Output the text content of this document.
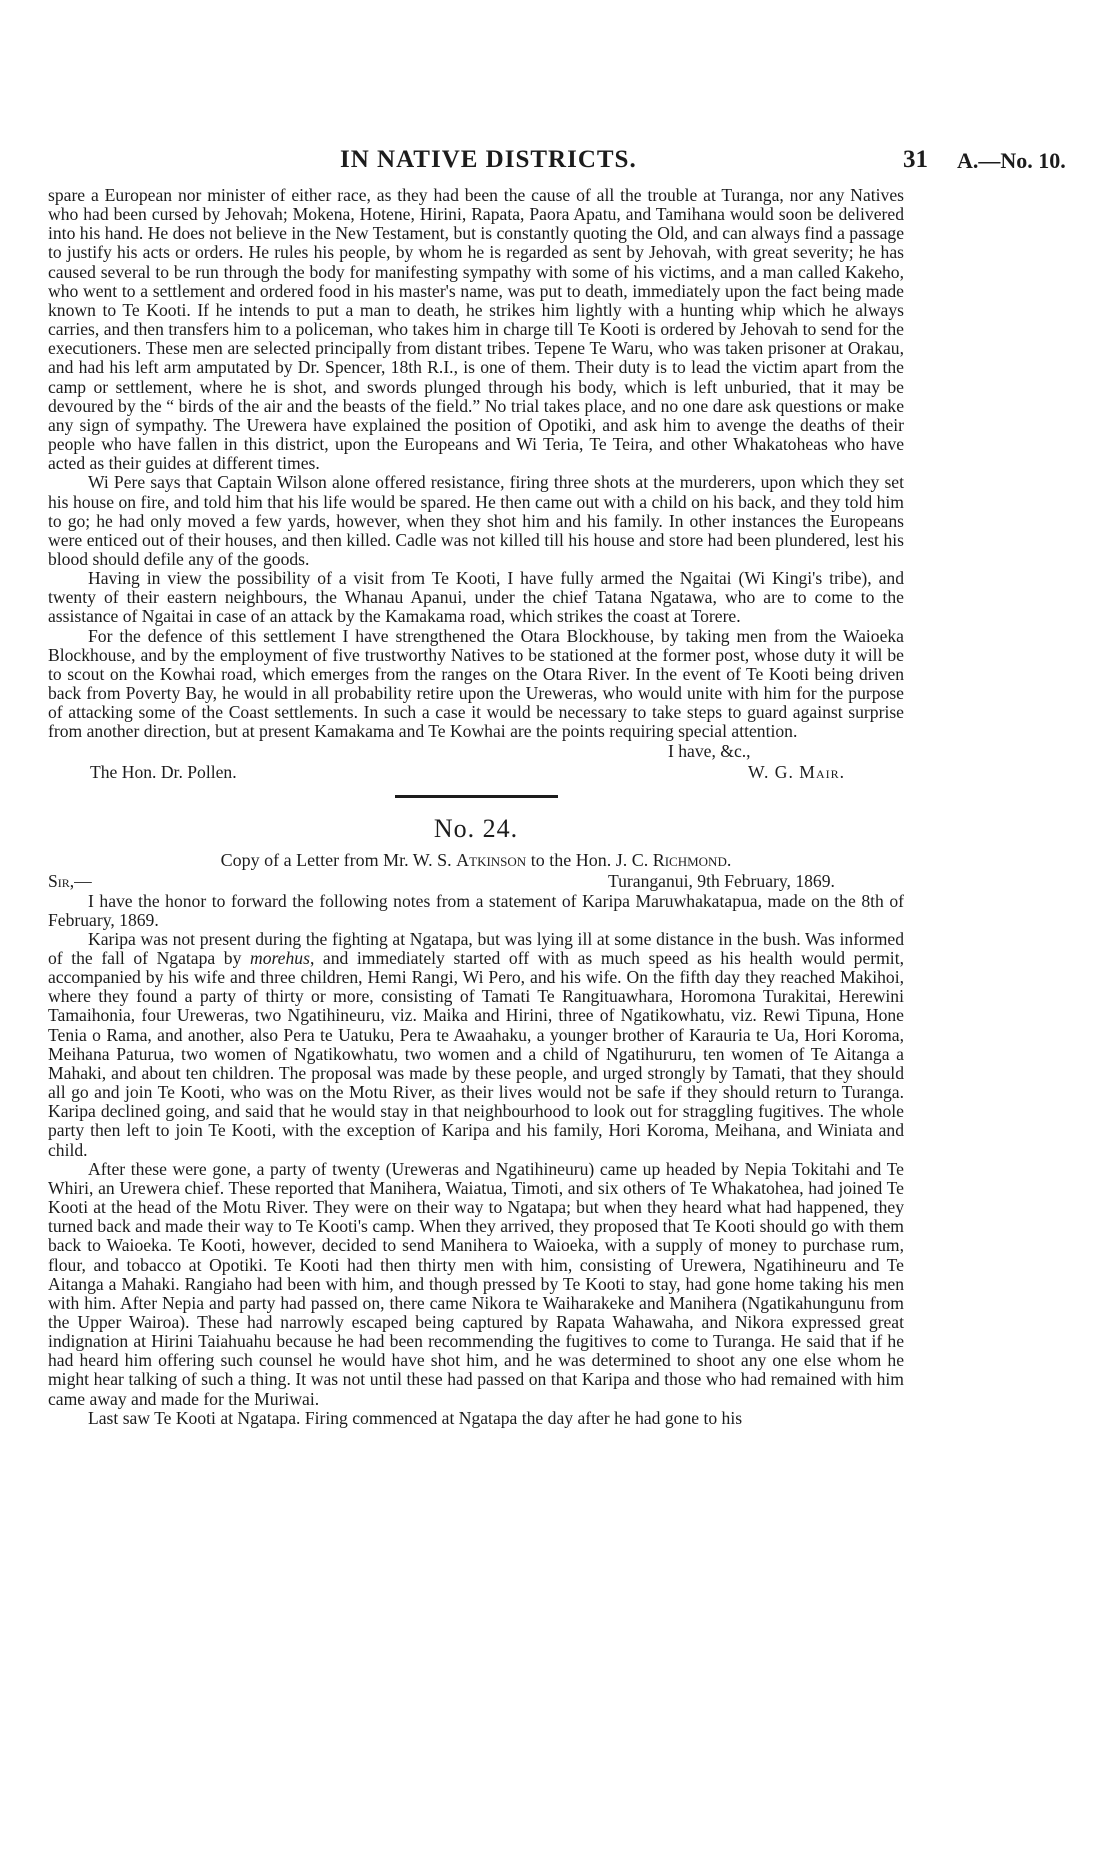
IN NATIVE DISTRICTS.	31 A.—No. 10.

spare a European nor minister of either race, as they had been the cause of all the trouble at Turanga, nor any Natives who had been cursed by Jehovah; Mokena, Hotene, Hirini, Rapata, Paora Apatu, and Tamihana would soon be delivered into his hand. He does not believe in the New Testament, but is constantly quoting the Old, and can always find a passage to justify his acts or orders. He rules his people, by whom he is regarded as sent by Jehovah, with great severity; he has caused several to be run through the body for manifesting sympathy with some of his victims, and a man called Kakeho, who went to a settlement and ordered food in his master's name, was put to death, immediately upon the fact being made known to Te Kooti. If he intends to put a man to death, he strikes him lightly with a hunting whip which he always carries, and then transfers him to a policeman, who takes him in charge till Te Kooti is ordered by Jehovah to send for the executioners. These men are selected principally from distant tribes. Tepene Te Waru, who was taken prisoner at Orakau, and had his left arm amputated by Dr. Spencer, 18th R.I., is one of them. Their duty is to lead the victim apart from the camp or settlement, where he is shot, and swords plunged through his body, which is left unburied, that it may be devoured by the “ birds of the air and the beasts of the field.” No trial takes place, and no one dare ask questions or make any sign of sympathy. The Urewera have explained the position of Opotiki, and ask him to avenge the deaths of their people who have fallen in this district, upon the Europeans and Wi Teria, Te Teira, and other Whakatoheas who have acted as their guides at different times.

Wi Pere says that Captain Wilson alone offered resistance, firing three shots at the murderers, upon which they set his house on fire, and told him that his life would be spared. He then came out with a child on his back, and they told him to go; he had only moved a few yards, however, when they shot him and his family. In other instances the Europeans were enticed out of their houses, and then killed. Cadle was not killed till his house and store had been plundered, lest his blood should defile any of the goods.

Having in view the possibility of a visit from Te Kooti, I have fully armed the Ngaitai (Wi Kingi's tribe), and twenty of their eastern neighbours, the Whanau Apanui, under the chief Tatana Ngatawa, who are to come to the assistance of Ngaitai in case of an attack by the Kamakama road, which strikes the coast at Torere.

For the defence of this settlement I have strengthened the Otara Blockhouse, by taking men from the Waioeka Blockhouse, and by the employment of five trustworthy Natives to be stationed at the former post, whose duty it will be to scout on the Kowhai road, which emerges from the ranges on the Otara River. In the event of Te Kooti being driven back from Poverty Bay, he would in all probability retire upon the Ureweras, who would unite with him for the purpose of attacking some of the Coast settlements. In such a case it would be necessary to take steps to guard against surprise from another direction, but at present Kamakama and Te Kowhai are the points requiring special attention.

I have, &c.,
The Hon. Dr. Pollen.	W. G. Mair.
No. 24.
Copy of a Letter from Mr. W. S. Atkinson to the Hon. J. C. Richmond.
Sir,—	Turanganui, 9th February, 1869.

I have the honor to forward the following notes from a statement of Karipa Maruwhakatapua, made on the 8th of February, 1869.

Karipa was not present during the fighting at Ngatapa, but was lying ill at some distance in the bush. Was informed of the fall of Ngatapa by morehus, and immediately started off with as much speed as his health would permit, accompanied by his wife and three children, Hemi Rangi, Wi Pero, and his wife. On the fifth day they reached Makihoi, where they found a party of thirty or more, consisting of Tamati Te Rangituawhara, Horomona Turakitai, Herewini Tamaihonia, four Ureweras, two Ngatihineuru, viz. Maika and Hirini, three of Ngatikowhatu, viz. Rewi Tipuna, Hone Tenia o Rama, and another, also Pera te Uatuku, Pera te Awaahaku, a younger brother of Karauria te Ua, Hori Koroma, Meihana Paturua, two women of Ngatikowhatu, two women and a child of Ngatihururu, ten women of Te Aitanga a Mahaki, and about ten children. The proposal was made by these people, and urged strongly by Tamati, that they should all go and join Te Kooti, who was on the Motu River, as their lives would not be safe if they should return to Turanga. Karipa declined going, and said that he would stay in that neighbourhood to look out for straggling fugitives. The whole party then left to join Te Kooti, with the exception of Karipa and his family, Hori Koroma, Meihana, and Winiata and child.

After these were gone, a party of twenty (Ureweras and Ngatihineuru) came up headed by Nepia Tokitahi and Te Whiri, an Urewera chief. These reported that Manihera, Waiatua, Timoti, and six others of Te Whakatohea, had joined Te Kooti at the head of the Motu River. They were on their way to Ngatapa; but when they heard what had happened, they turned back and made their way to Te Kooti's camp. When they arrived, they proposed that Te Kooti should go with them back to Waioeka. Te Kooti, however, decided to send Manihera to Waioeka, with a supply of money to purchase rum, flour, and tobacco at Opotiki. Te Kooti had then thirty men with him, consisting of Urewera, Ngatihineuru and Te Aitanga a Mahaki. Rangiaho had been with him, and though pressed by Te Kooti to stay, had gone home taking his men with him. After Nepia and party had passed on, there came Nikora te Waiharakeke and Manihera (Ngatikahungunu from the Upper Wairoa). These had narrowly escaped being captured by Rapata Wahawaha, and Nikora expressed great indignation at Hirini Taiahuahu because he had been recommending the fugitives to come to Turanga. He said that if he had heard him offering such counsel he would have shot him, and he was determined to shoot any one else whom he might hear talking of such a thing. It was not until these had passed on that Karipa and those who had remained with him came away and made for the Muriwai.

Last saw Te Kooti at Ngatapa. Firing commenced at Ngatapa the day after he had gone to his
